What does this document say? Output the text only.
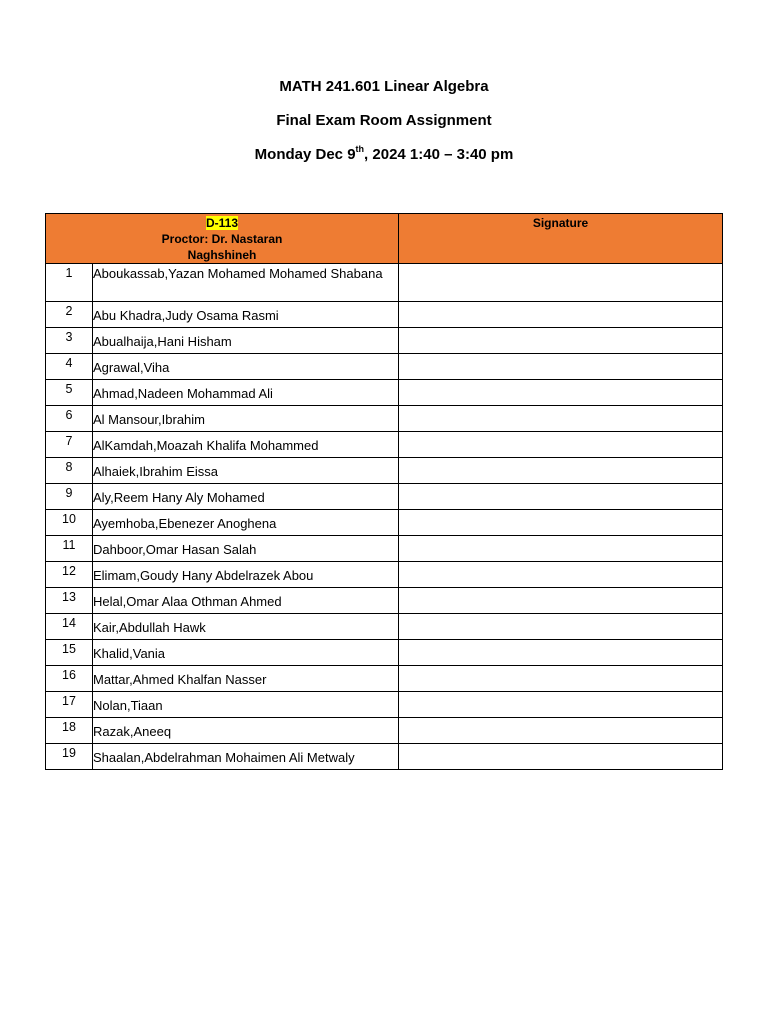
MATH 241.601 Linear Algebra
Final Exam Room Assignment
Monday Dec 9th, 2024 1:40 – 3:40 pm
D-113
Proctor: Dr. Nastaran
Naghshineh		Signature
1	Aboukassab,Yazan Mohamed Mohamed Shabana	
2	Abu Khadra,Judy Osama Rasmi	
3	Abualhaija,Hani Hisham	
4	Agrawal,Viha	
5	Ahmad,Nadeen Mohammad Ali	
6	Al Mansour,Ibrahim	
7	AlKamdah,Moazah Khalifa Mohammed	
8	Alhaiek,Ibrahim Eissa	
9	Aly,Reem Hany Aly Mohamed	
10	Ayemhoba,Ebenezer Anoghena	
11	Dahboor,Omar Hasan Salah	
12	Elimam,Goudy Hany Abdelrazek Abou	
13	Helal,Omar Alaa Othman Ahmed	
14	Kair,Abdullah Hawk	
15	Khalid,Vania	
16	Mattar,Ahmed Khalfan Nasser	
17	Nolan,Tiaan	
18	Razak,Aneeq	
19	Shaalan,Abdelrahman Mohaimen Ali Metwaly	
